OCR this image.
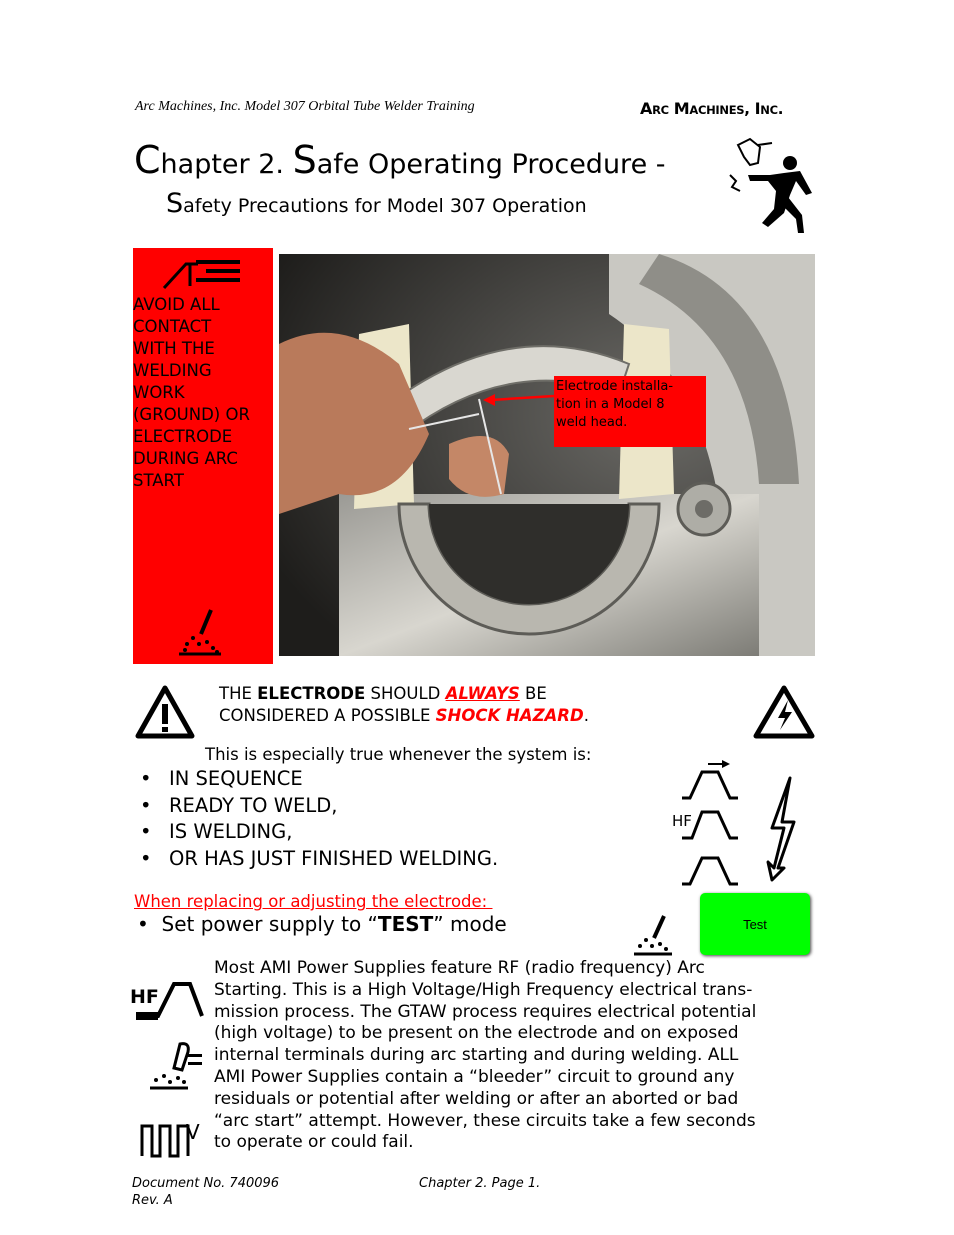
Arc Machines, Inc. Model 307 Orbital Tube Welder Training	ARC MACHINES, INC.
Chapter 2. Safe Operating Procedure -
Safety Precautions for Model 307 Operation
AVOID ALL
CONTACT
WITH THE
WELDING
WORK
(GROUND) OR
ELECTRODE
DURING ARC
START
Electrode installa-
tion in a Model 8
weld head.
THE ELECTRODE SHOULD ALWAYS BE
CONSIDERED A POSSIBLE SHOCK HAZARD.
This is especially true whenever the system is:
• IN SEQUENCE
• READY TO WELD,
• IS WELDING,
• OR HAS JUST FINISHED WELDING.
HF
When replacing or adjusting the electrode:
• Set power supply to “TEST” mode	Test
Most AMI Power Supplies feature RF (radio frequency) Arc
Starting. This is a High Voltage/High Frequency electrical trans-
mission process. The GTAW process requires electrical potential
(high voltage) to be present on the electrode and on exposed
internal terminals during arc starting and during welding. ALL
AMI Power Supplies contain a “bleeder” circuit to ground any
residuals or potential after welding or after an aborted or bad
“arc start” attempt. However, these circuits take a few seconds
to operate or could fail.
HF
V
Document No. 740096
Rev. A
Chapter 2. Page 1.
